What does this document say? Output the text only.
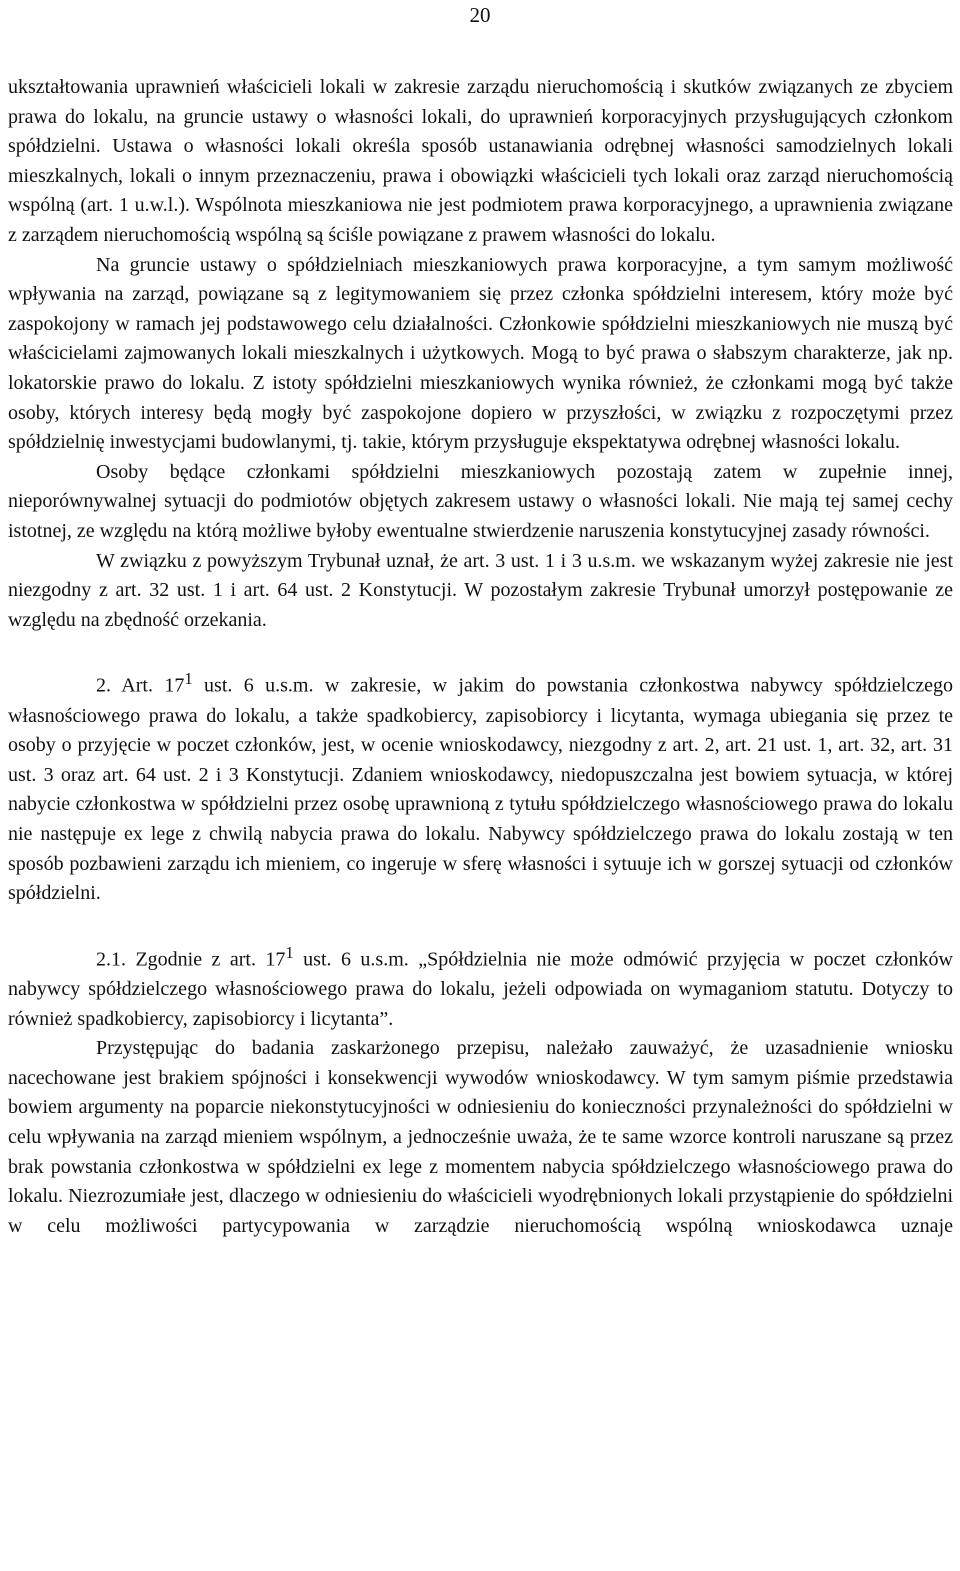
20

ukształtowania uprawnień właścicieli lokali w zakresie zarządu nieruchomością i skutków związanych ze zbyciem prawa do lokalu, na gruncie ustawy o własności lokali, do uprawnień korporacyjnych przysługujących członkom spółdzielni. Ustawa o własności lokali określa sposób ustanawiania odrębnej własności samodzielnych lokali mieszkalnych, lokali o innym przeznaczeniu, prawa i obowiązki właścicieli tych lokali oraz zarząd nieruchomością wspólną (art. 1 u.w.l.). Wspólnota mieszkaniowa nie jest podmiotem prawa korporacyjnego, a uprawnienia związane z zarządem nieruchomością wspólną są ściśle powiązane z prawem własności do lokalu.

Na gruncie ustawy o spółdzielniach mieszkaniowych prawa korporacyjne, a tym samym możliwość wpływania na zarząd, powiązane są z legitymowaniem się przez członka spółdzielni interesem, który może być zaspokojony w ramach jej podstawowego celu działalności. Członkowie spółdzielni mieszkaniowych nie muszą być właścicielami zajmowanych lokali mieszkalnych i użytkowych. Mogą to być prawa o słabszym charakterze, jak np. lokatorskie prawo do lokalu. Z istoty spółdzielni mieszkaniowych wynika również, że członkami mogą być także osoby, których interesy będą mogły być zaspokojone dopiero w przyszłości, w związku z rozpoczętymi przez spółdzielnię inwestycjami budowlanymi, tj. takie, którym przysługuje ekspektatywa odrębnej własności lokalu.

Osoby będące członkami spółdzielni mieszkaniowych pozostają zatem w zupełnie innej, nieporównywalnej sytuacji do podmiotów objętych zakresem ustawy o własności lokali. Nie mają tej samej cechy istotnej, ze względu na którą możliwe byłoby ewentualne stwierdzenie naruszenia konstytucyjnej zasady równości.

W związku z powyższym Trybunał uznał, że art. 3 ust. 1 i 3 u.s.m. we wskazanym wyżej zakresie nie jest niezgodny z art. 32 ust. 1 i art. 64 ust. 2 Konstytucji. W pozostałym zakresie Trybunał umorzył postępowanie ze względu na zbędność orzekania.

2. Art. $17^1$ ust. 6 u.s.m. w zakresie, w jakim do powstania członkostwa nabywcy spółdzielczego własnościowego prawa do lokalu, a także spadkobiercy, zapisobiorcy i licytanta, wymaga ubiegania się przez te osoby o przyjęcie w poczet członków, jest, w ocenie wnioskodawcy, niezgodny z art. 2, art. 21 ust. 1, art. 32, art. 31 ust. 3 oraz art. 64 ust. 2 i 3 Konstytucji. Zdaniem wnioskodawcy, niedopuszczalna jest bowiem sytuacja, w której nabycie członkostwa w spółdzielni przez osobę uprawnioną z tytułu spółdzielczego własnościowego prawa do lokalu nie następuje ex lege z chwilą nabycia prawa do lokalu. Nabywcy spółdzielczego prawa do lokalu zostają w ten sposób pozbawieni zarządu ich mieniem, co ingeruje w sferę własności i sytuuje ich w gorszej sytuacji od członków spółdzielni.

2.1. Zgodnie z art. $17^1$ ust. 6 u.s.m. „Spółdzielnia nie może odmówić przyjęcia w poczet członków nabywcy spółdzielczego własnościowego prawa do lokalu, jeżeli odpowiada on wymaganiom statutu. Dotyczy to również spadkobiercy, zapisobiorcy i licytanta”.

Przystępując do badania zaskarżonego przepisu, należało zauważyć, że uzasadnienie wniosku nacechowane jest brakiem spójności i konsekwencji wywodów wnioskodawcy. W tym samym piśmie przedstawia bowiem argumenty na poparcie niekonstytucyjności w odniesieniu do konieczności przynależności do spółdzielni w celu wpływania na zarząd mieniem wspólnym, a jednocześnie uważa, że te same wzorce kontroli naruszane są przez brak powstania członkostwa w spółdzielni ex lege z momentem nabycia spółdzielczego własnościowego prawa do lokalu. Niezrozumiałe jest, dlaczego w odniesieniu do właścicieli wyodrębnionych lokali przystąpienie do spółdzielni w celu możliwości partycypowania w zarządzie nieruchomością wspólną wnioskodawca uznaje
